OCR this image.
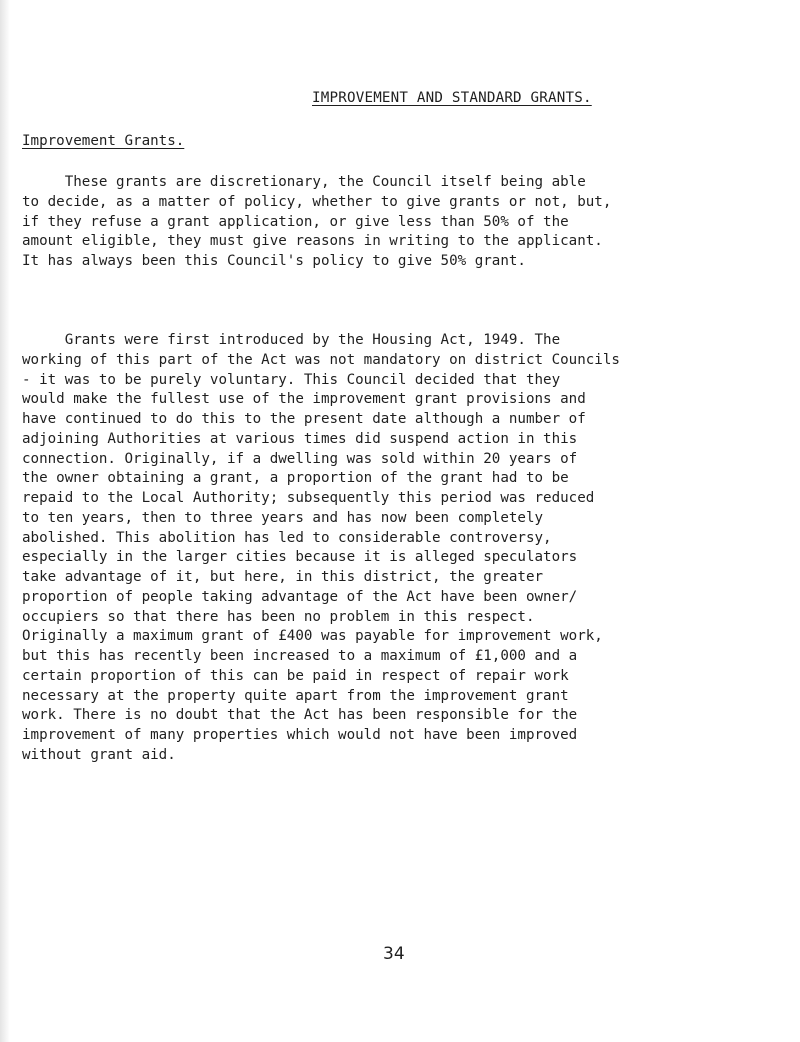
IMPROVEMENT AND STANDARD GRANTS.
Improvement Grants.
These grants are discretionary, the Council itself being able
to decide, as a matter of policy, whether to give grants or not, but,
if they refuse a grant application, or give less than 50% of the
amount eligible, they must give reasons in writing to the applicant.
It has always been this Council's policy to give 50% grant.
Grants were first introduced by the Housing Act, 1949. The
working of this part of the Act was not mandatory on district Councils
- it was to be purely voluntary. This Council decided that they
would make the fullest use of the improvement grant provisions and
have continued to do this to the present date although a number of
adjoining Authorities at various times did suspend action in this
connection. Originally, if a dwelling was sold within 20 years of
the owner obtaining a grant, a proportion of the grant had to be
repaid to the Local Authority; subsequently this period was reduced
to ten years, then to three years and has now been completely
abolished. This abolition has led to considerable controversy,
especially in the larger cities because it is alleged speculators
take advantage of it, but here, in this district, the greater
proportion of people taking advantage of the Act have been owner/
occupiers so that there has been no problem in this respect.
Originally a maximum grant of £400 was payable for improvement work,
but this has recently been increased to a maximum of £1,000 and a
certain proportion of this can be paid in respect of repair work
necessary at the property quite apart from the improvement grant
work. There is no doubt that the Act has been responsible for the
improvement of many properties which would not have been improved
without grant aid.
34
